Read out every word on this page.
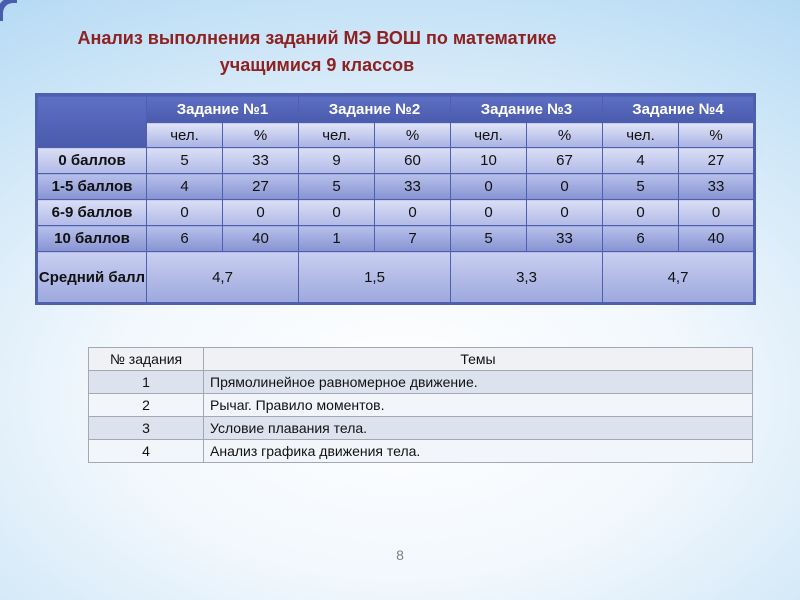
Анализ выполнения заданий МЭ ВОШ по математике
учащимися 9 классов
	Задание №1		Задание №2		Задание №3		Задание №4	
	чел.	%	чел.	%	чел.	%	чел.	%
0 баллов	5	33	9	60	10	67	4	27
1-5 баллов	4	27	5	33	0	0	5	33
6-9 баллов	0	0	0	0	0	0	0	0
10 баллов	6	40	1	7	5	33	6	40
Средний балл	4,7		1,5		3,3		4,7	
№ задания	Темы
1	Прямолинейное равномерное движение.
2	Рычаг. Правило моментов.
3	Условие плавания тела.
4	Анализ графика движения тела.
8
